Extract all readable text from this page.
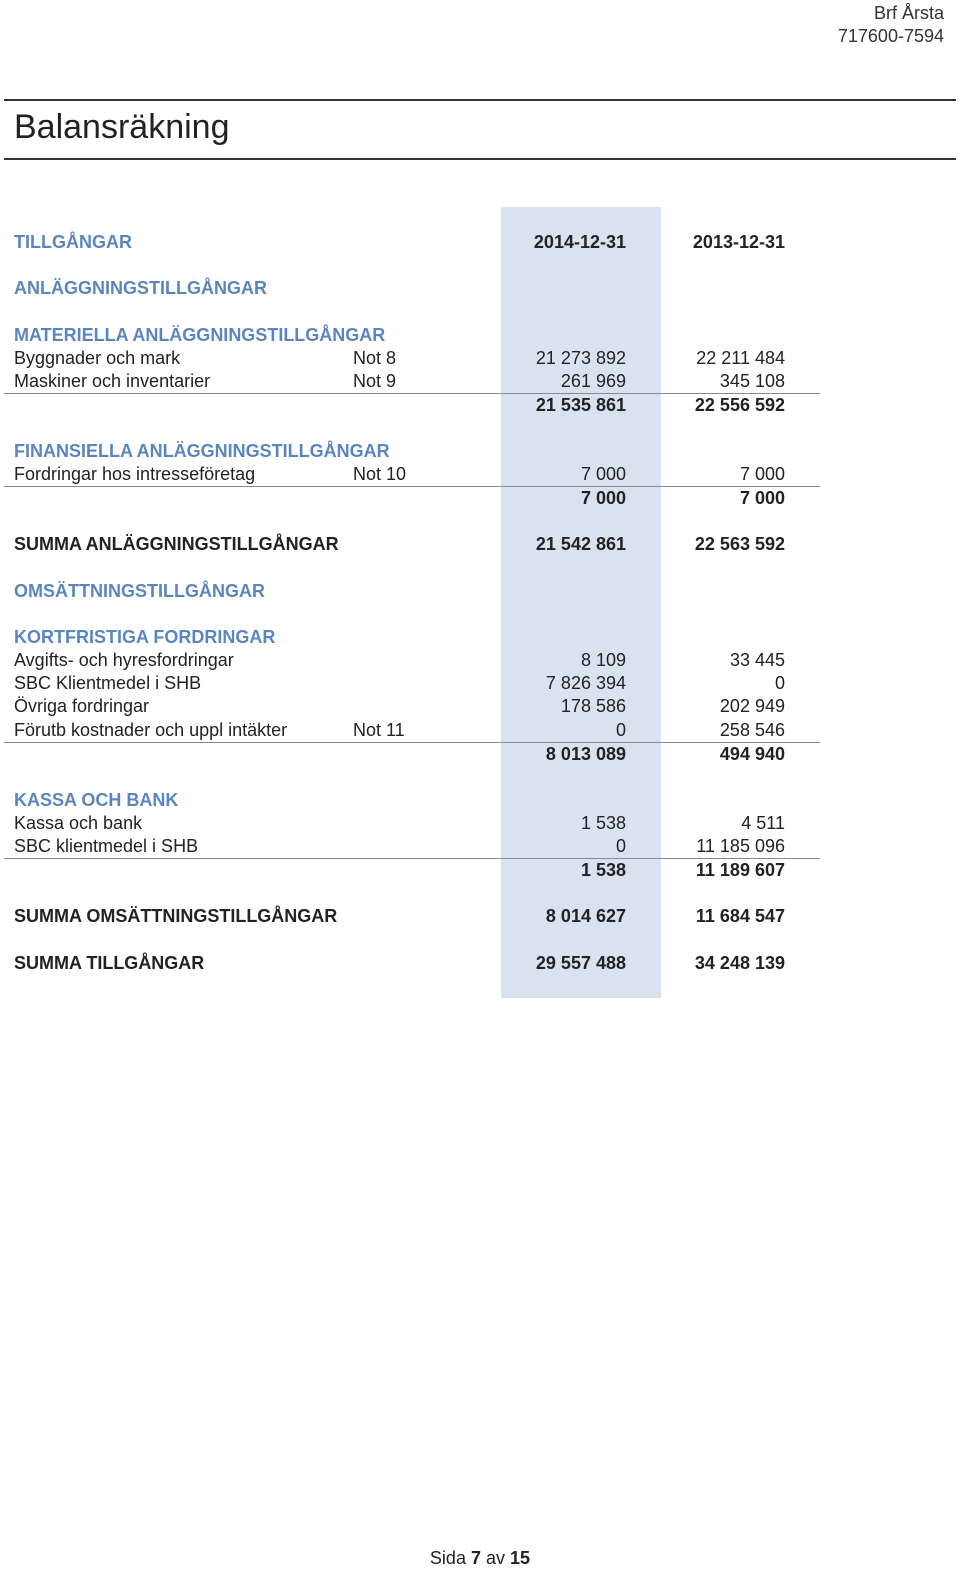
Brf Årsta
717600-7594
Balansräkning
TILLGÅNGAR	2014-12-31	2013-12-31
ANLÄGGNINGSTILLGÅNGAR
MATERIELLA ANLÄGGNINGSTILLGÅNGAR
Byggnader och mark	Not 8	21 273 892	22 211 484
Maskiner och inventarier	Not 9	261 969	345 108
21 535 861	22 556 592
FINANSIELLA ANLÄGGNINGSTILLGÅNGAR
Fordringar hos intresseföretag	Not 10	7 000	7 000
7 000	7 000
SUMMA ANLÄGGNINGSTILLGÅNGAR	21 542 861	22 563 592
OMSÄTTNINGSTILLGÅNGAR
KORTFRISTIGA FORDRINGAR
Avgifts- och hyresfordringar	8 109	33 445
SBC Klientmedel i SHB	7 826 394	0
Övriga fordringar	178 586	202 949
Förutb kostnader och uppl intäkter	Not 11	0	258 546
8 013 089	494 940
KASSA OCH BANK
Kassa och bank	1 538	4 511
SBC klientmedel i SHB	0	11 185 096
1 538	11 189 607
SUMMA OMSÄTTNINGSTILLGÅNGAR	8 014 627	11 684 547
SUMMA TILLGÅNGAR	29 557 488	34 248 139
Sida 7 av 15
